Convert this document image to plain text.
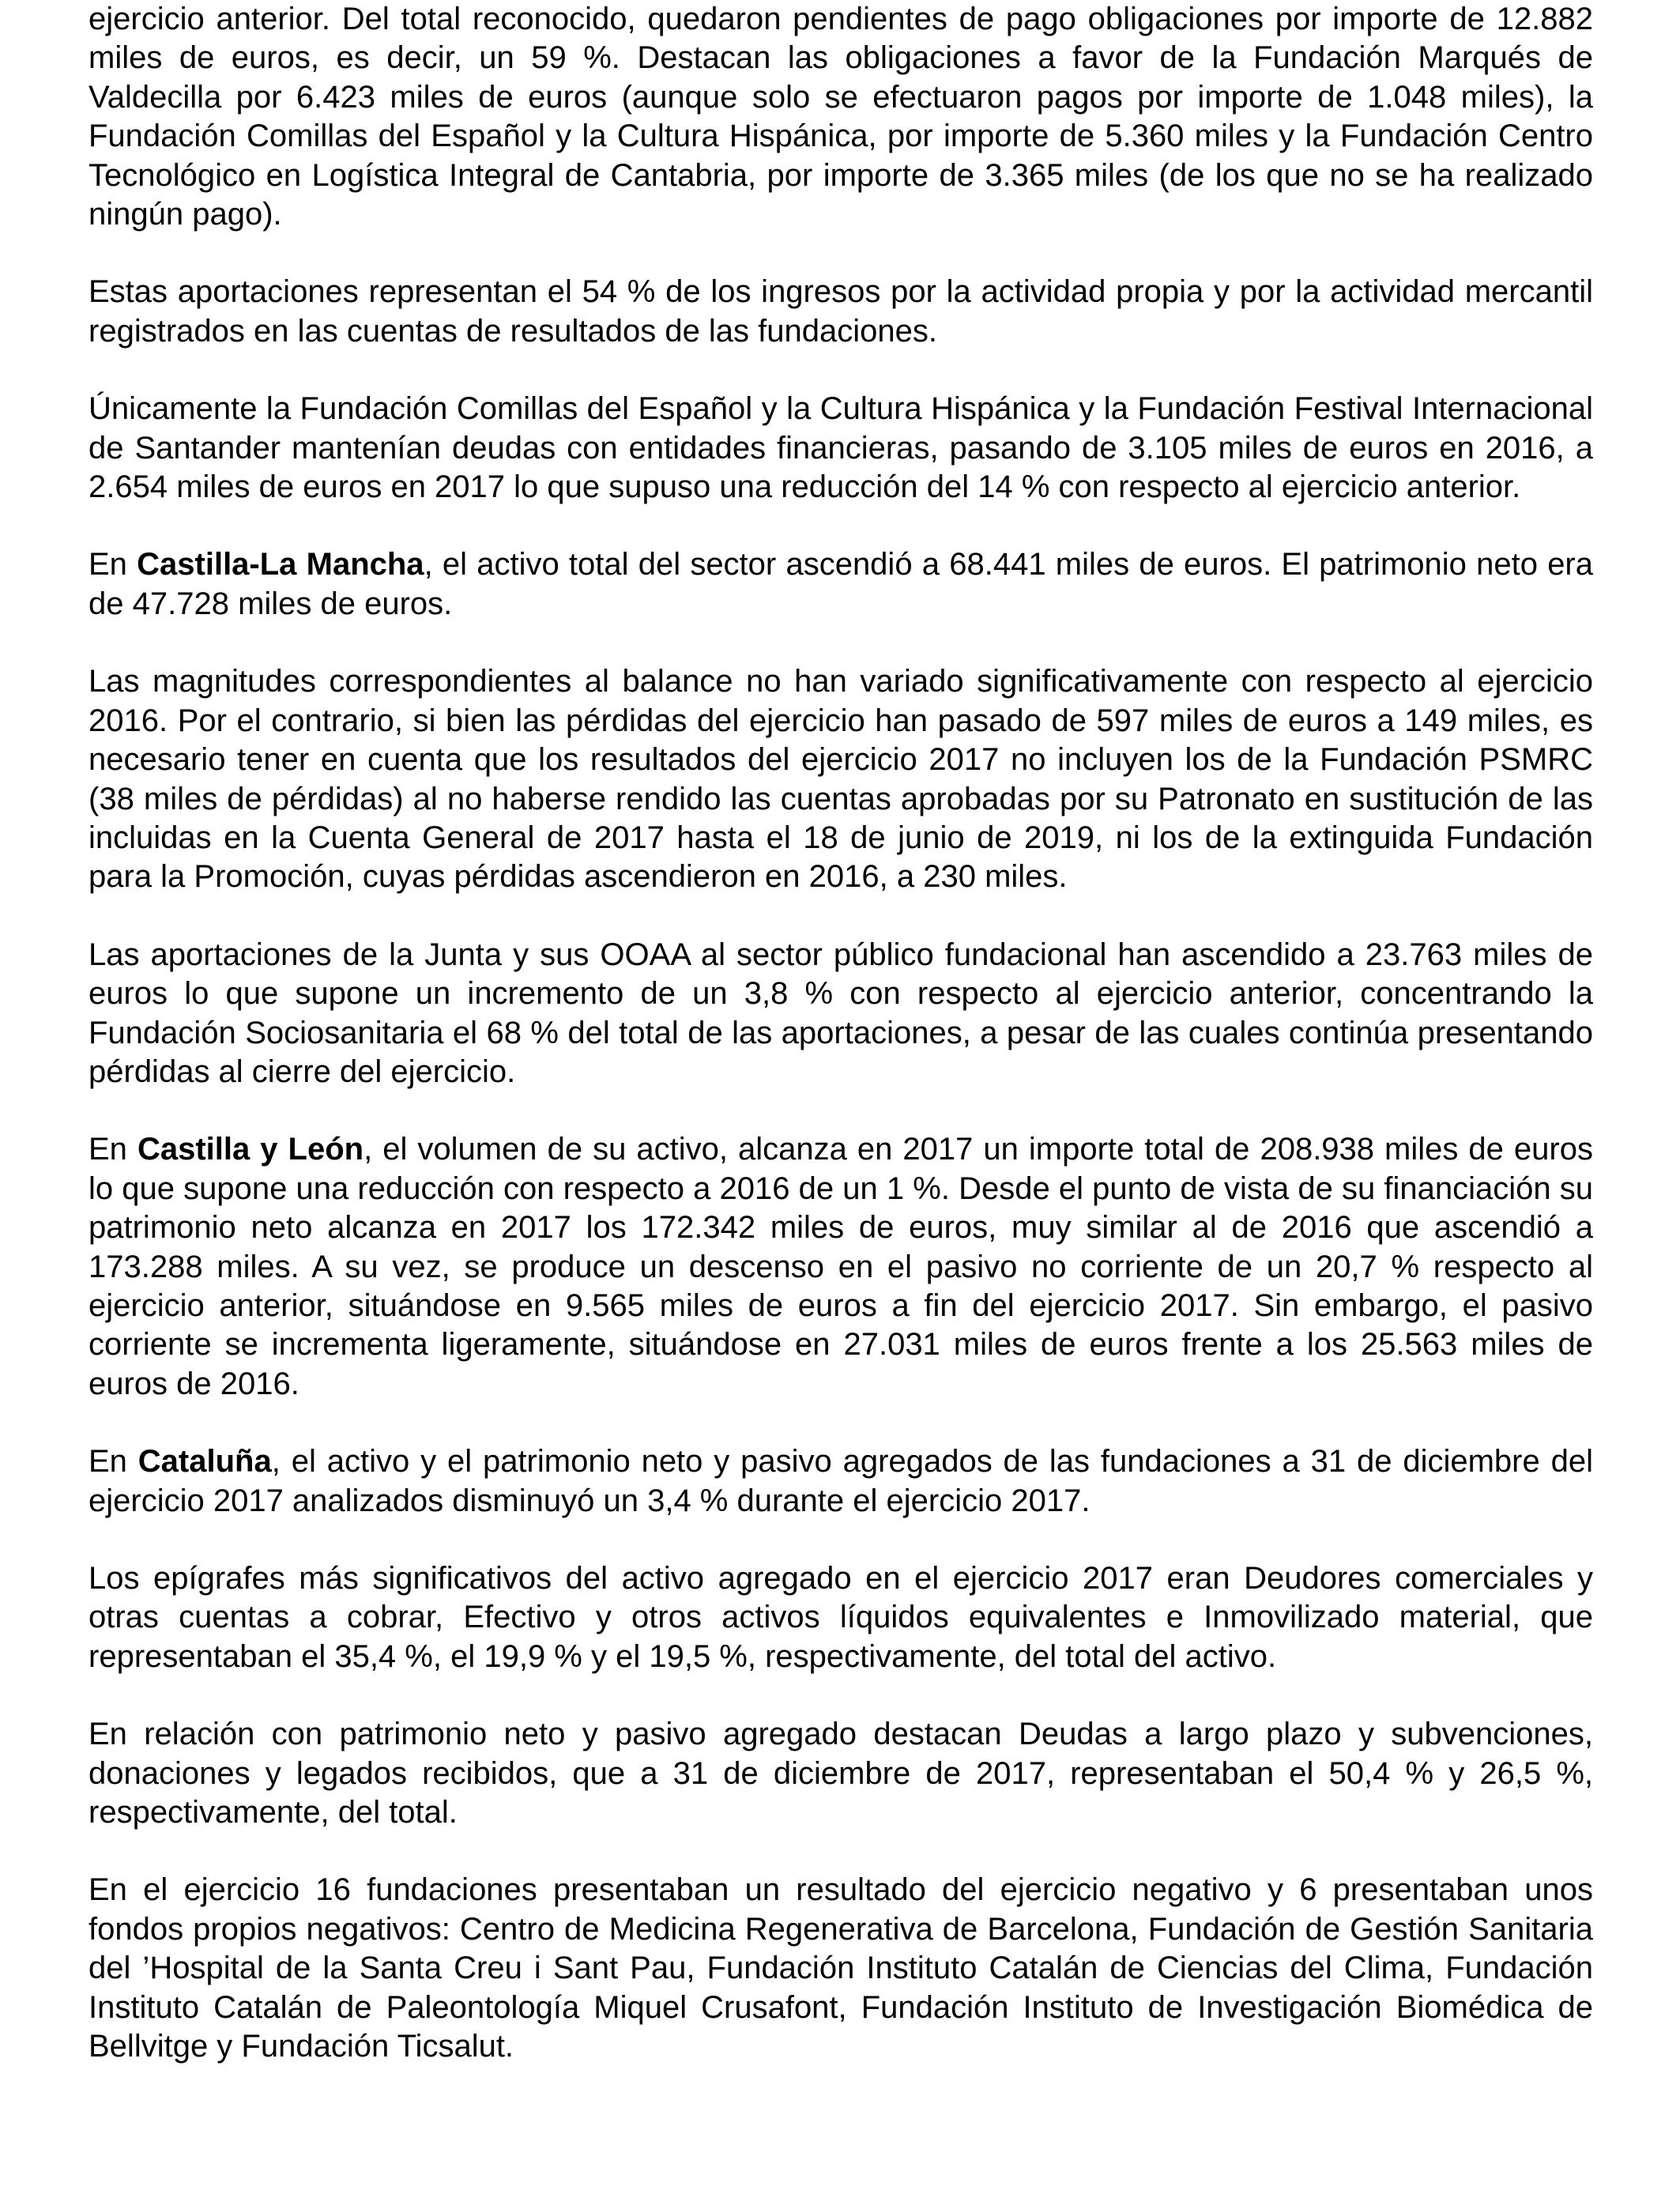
ejercicio anterior. Del total reconocido, quedaron pendientes de pago obligaciones por importe de 12.882 miles de euros, es decir, un 59 %. Destacan las obligaciones a favor de la Fundación Marqués de Valdecilla por 6.423 miles de euros (aunque solo se efectuaron pagos por importe de 1.048 miles), la Fundación Comillas del Español y la Cultura Hispánica, por importe de 5.360 miles y la Fundación Centro Tecnológico en Logística Integral de Cantabria, por importe de 3.365 miles (de los que no se ha realizado ningún pago).

Estas aportaciones representan el 54 % de los ingresos por la actividad propia y por la actividad mercantil registrados en las cuentas de resultados de las fundaciones.

Únicamente la Fundación Comillas del Español y la Cultura Hispánica y la Fundación Festival Internacional de Santander mantenían deudas con entidades financieras, pasando de 3.105 miles de euros en 2016, a 2.654 miles de euros en 2017 lo que supuso una reducción del 14 % con respecto al ejercicio anterior.

En Castilla-La Mancha, el activo total del sector ascendió a 68.441 miles de euros. El patrimonio neto era de 47.728 miles de euros.

Las magnitudes correspondientes al balance no han variado significativamente con respecto al ejercicio 2016. Por el contrario, si bien las pérdidas del ejercicio han pasado de 597 miles de euros a 149 miles, es necesario tener en cuenta que los resultados del ejercicio 2017 no incluyen los de la Fundación PSMRC (38 miles de pérdidas) al no haberse rendido las cuentas aprobadas por su Patronato en sustitución de las incluidas en la Cuenta General de 2017 hasta el 18 de junio de 2019, ni los de la extinguida Fundación para la Promoción, cuyas pérdidas ascendieron en 2016, a 230 miles.

Las aportaciones de la Junta y sus OOAA al sector público fundacional han ascendido a 23.763 miles de euros lo que supone un incremento de un 3,8 % con respecto al ejercicio anterior, concentrando la Fundación Sociosanitaria el 68 % del total de las aportaciones, a pesar de las cuales continúa presentando pérdidas al cierre del ejercicio.

En Castilla y León, el volumen de su activo, alcanza en 2017 un importe total de 208.938 miles de euros lo que supone una reducción con respecto a 2016 de un 1 %. Desde el punto de vista de su financiación su patrimonio neto alcanza en 2017 los 172.342 miles de euros, muy similar al de 2016 que ascendió a 173.288 miles. A su vez, se produce un descenso en el pasivo no corriente de un 20,7 % respecto al ejercicio anterior, situándose en 9.565 miles de euros a fin del ejercicio 2017. Sin embargo, el pasivo corriente se incrementa ligeramente, situándose en 27.031 miles de euros frente a los 25.563 miles de euros de 2016.

En Cataluña, el activo y el patrimonio neto y pasivo agregados de las fundaciones a 31 de diciembre del ejercicio 2017 analizados disminuyó un 3,4 % durante el ejercicio 2017.

Los epígrafes más significativos del activo agregado en el ejercicio 2017 eran Deudores comerciales y otras cuentas a cobrar, Efectivo y otros activos líquidos equivalentes e Inmovilizado material, que representaban el 35,4 %, el 19,9 % y el 19,5 %, respectivamente, del total del activo.

En relación con patrimonio neto y pasivo agregado destacan Deudas a largo plazo y subvenciones, donaciones y legados recibidos, que a 31 de diciembre de 2017, representaban el 50,4 % y 26,5 %, respectivamente, del total.

En el ejercicio 16 fundaciones presentaban un resultado del ejercicio negativo y 6 presentaban unos fondos propios negativos: Centro de Medicina Regenerativa de Barcelona, Fundación de Gestión Sanitaria del ’Hospital de la Santa Creu i Sant Pau, Fundación Instituto Catalán de Ciencias del Clima, Fundación Instituto Catalán de Paleontología Miquel Crusafont, Fundación Instituto de Investigación Biomédica de Bellvitge y Fundación Ticsalut.
